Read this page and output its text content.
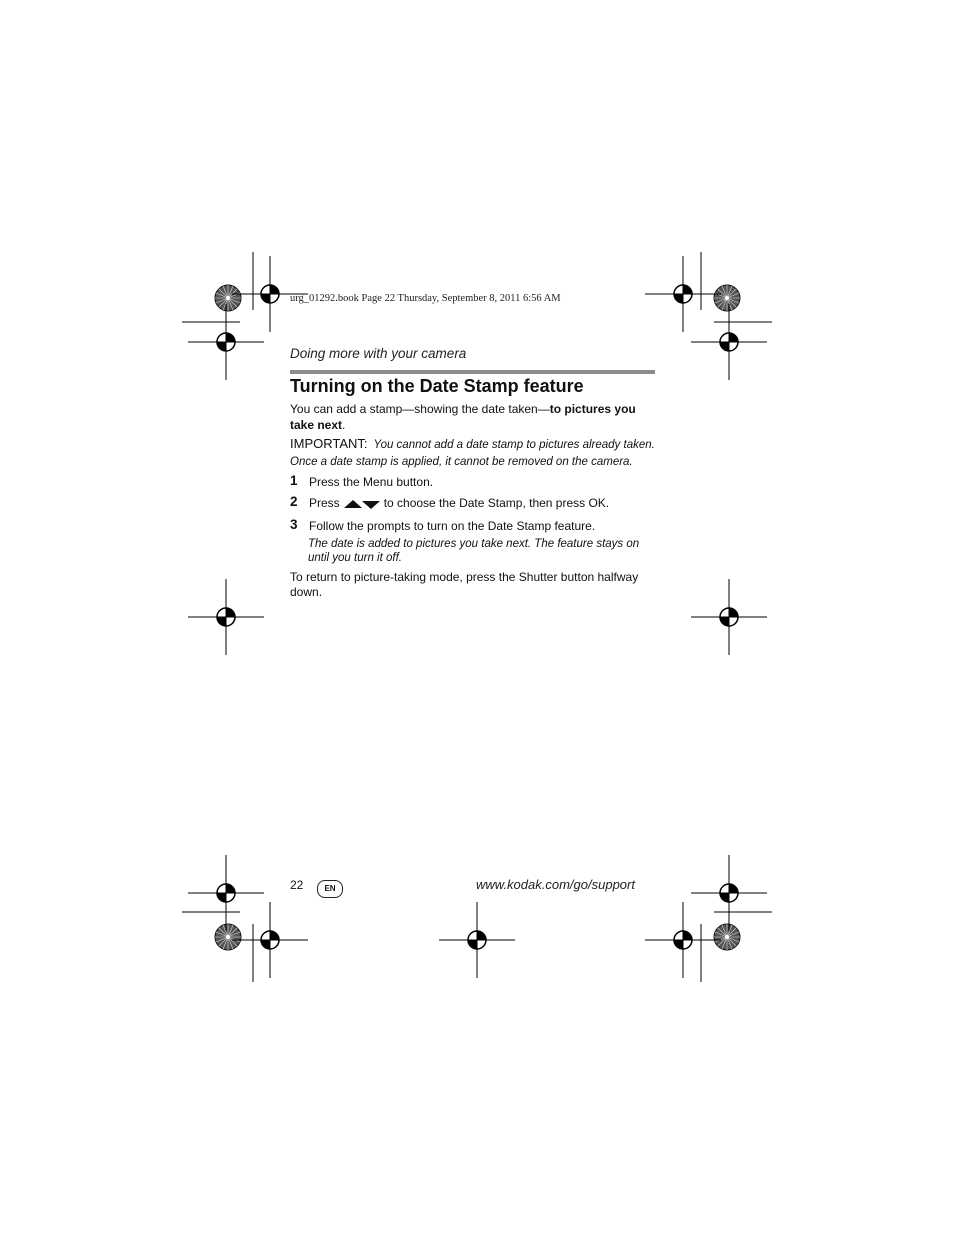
urg_01292.book Page 22 Thursday, September 8, 2011 6:56 AM
Doing more with your camera
Turning on the Date Stamp feature
You can add a stamp—showing the date taken—to pictures you take next.
IMPORTANT: You cannot add a date stamp to pictures already taken. Once a date stamp is applied, it cannot be removed on the camera.
1 Press the Menu button.
2 Press	to choose the Date Stamp, then press OK.
3 Follow the prompts to turn on the Date Stamp feature.
The date is added to pictures you take next. The feature stays on until you turn it off.
To return to picture-taking mode, press the Shutter button halfway down.
22	EN	www.kodak.com/go/support
